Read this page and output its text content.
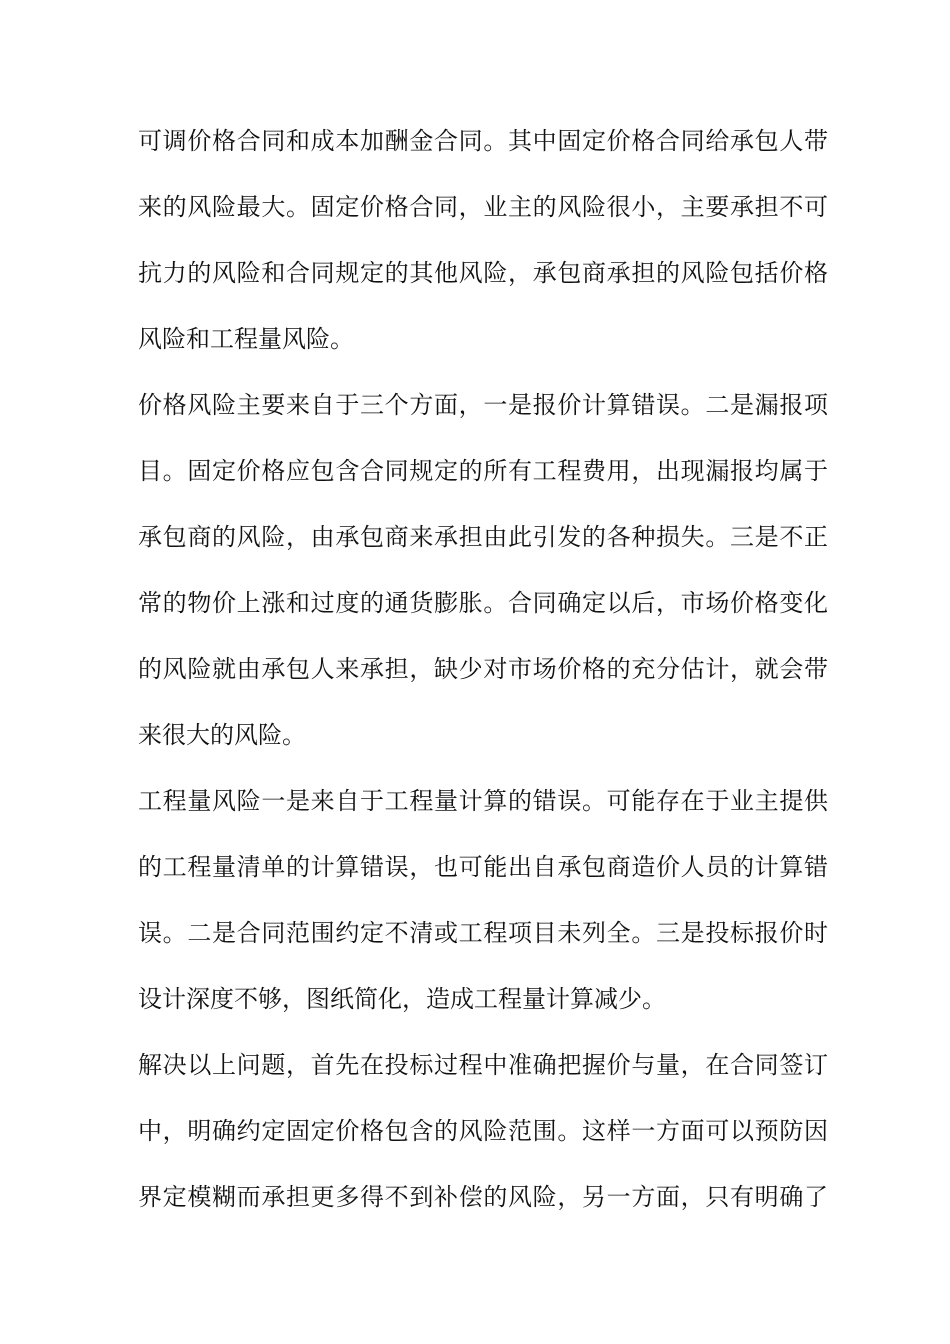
可调价格合同和成本加酬金合同。其中固定价格合同给承包人带
来的风险最大。固定价格合同，业主的风险很小，主要承担不可
抗力的风险和合同规定的其他风险，承包商承担的风险包括价格
风险和工程量风险。
价格风险主要来自于三个方面，一是报价计算错误。二是漏报项
目。固定价格应包含合同规定的所有工程费用，出现漏报均属于
承包商的风险，由承包商来承担由此引发的各种损失。三是不正
常的物价上涨和过度的通货膨胀。合同确定以后，市场价格变化
的风险就由承包人来承担，缺少对市场价格的充分估计，就会带
来很大的风险。
工程量风险一是来自于工程量计算的错误。可能存在于业主提供
的工程量清单的计算错误，也可能出自承包商造价人员的计算错
误。二是合同范围约定不清或工程项目未列全。三是投标报价时
设计深度不够，图纸简化，造成工程量计算减少。
解决以上问题，首先在投标过程中准确把握价与量，在合同签订
中，明确约定固定价格包含的风险范围。这样一方面可以预防因
界定模糊而承担更多得不到补偿的风险，另一方面，只有明确了
